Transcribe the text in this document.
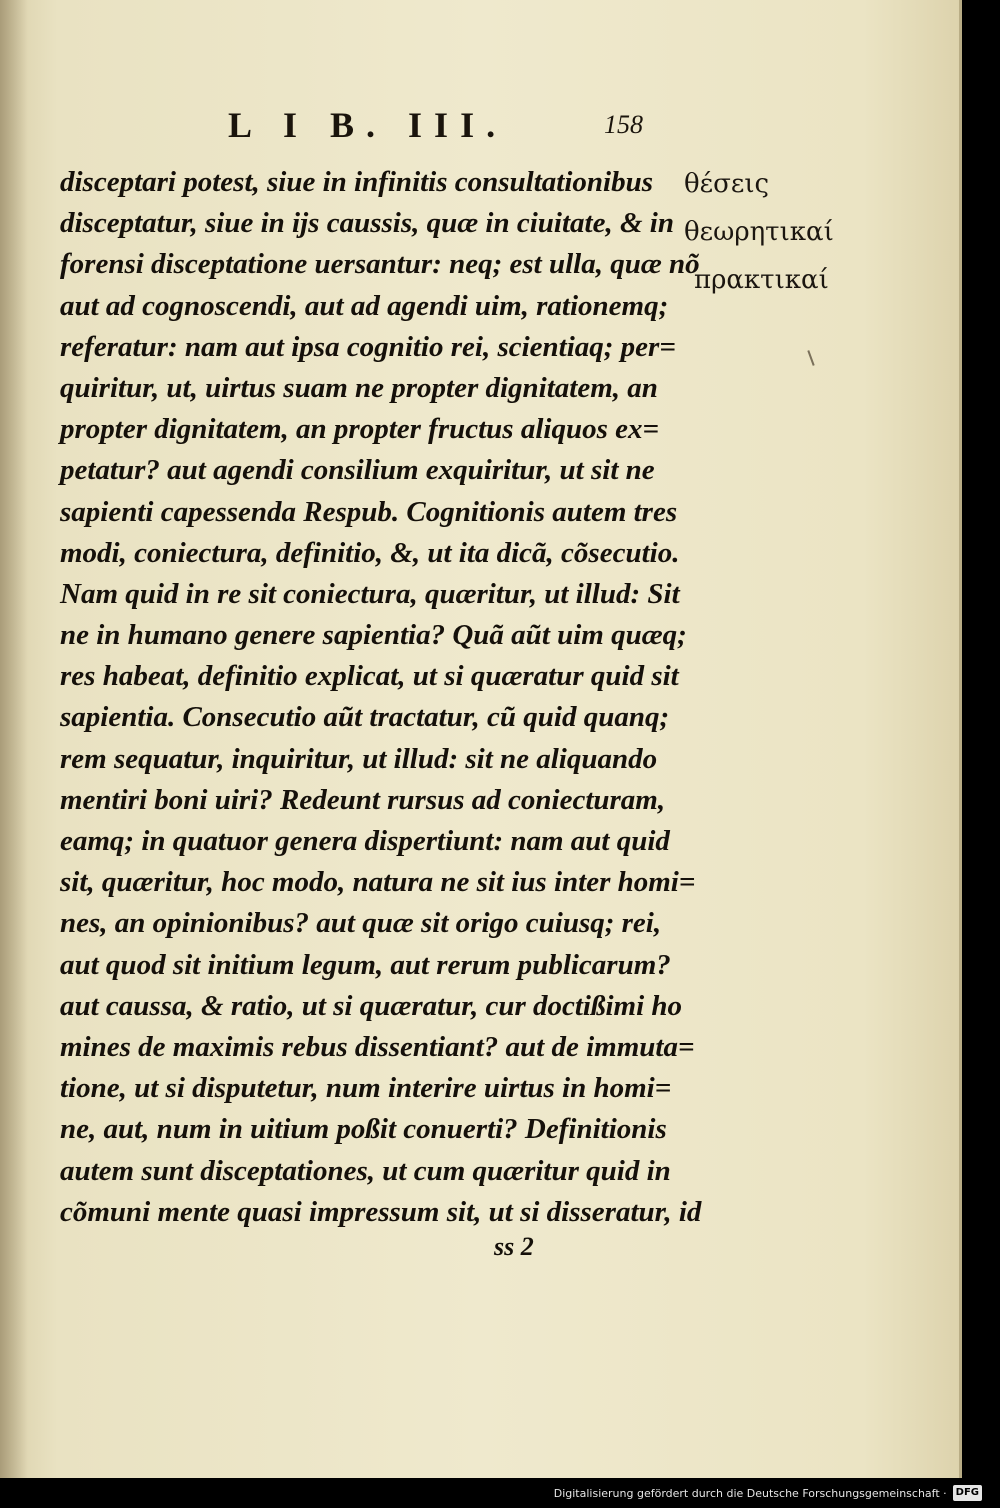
L I B. III.	158
disceptari potest, siue in infinitis consultationibus
disceptatur, siue in ijs caussis, quæ in ciuitate, & in
forensi disceptatione uersantur: neq; est ulla, quæ nõ
aut ad cognoscendi, aut ad agendi uim, rationemq;
referatur: nam aut ipsa cognitio rei, scientiaq; per=
quiritur, ut, uirtus suam ne propter dignitatem, an
propter dignitatem, an propter fructus aliquos ex=
petatur? aut agendi consilium exquiritur, ut sit ne
sapienti capessenda Respub. Cognitionis autem tres
modi, coniectura, definitio, &, ut ita dicã, cõsecutio.
Nam quid in re sit coniectura, quæritur, ut illud: Sit
ne in humano genere sapientia? Quã aũt uim quæq;
res habeat, definitio explicat, ut si quæratur quid sit
sapientia. Consecutio aũt tractatur, cũ quid quanq;
rem sequatur, inquiritur, ut illud: sit ne aliquando
mentiri boni uiri? Redeunt rursus ad coniecturam,
eamq; in quatuor genera dispertiunt: nam aut quid
sit, quæritur, hoc modo, natura ne sit ius inter homi=
nes, an opinionibus? aut quæ sit origo cuiusq; rei,
aut quod sit initium legum, aut rerum publicarum?
aut caussa, & ratio, ut si quæratur, cur doctißimi ho
mines de maximis rebus dissentiant? aut de immuta=
tione, ut si disputetur, num interire uirtus in homi=
ne, aut, num in uitium poßit conuerti? Definitionis
autem sunt disceptationes, ut cum quæritur quid in
cõmuni mente quasi impressum sit, ut si disseratur, id
ss 2
θέσεις
θεωρητικαί
πρακτικαί
Digitalisierung gefördert durch die Deutsche Forschungsgemeinschaft · DFG
